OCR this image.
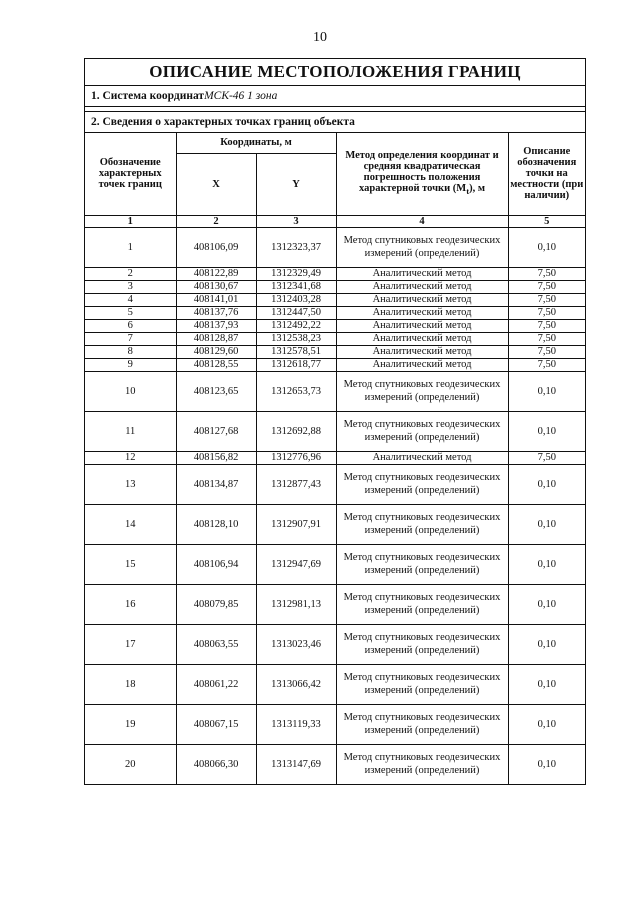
10
ОПИСАНИЕ МЕСТОПОЛОЖЕНИЯ ГРАНИЦ
1. Система координатМСК-46 1 зона
2. Сведения о характерных точках границ объекта
Обозначение характерных точек границ	Координаты, м		Метод определения координат и средняя квадратическая погрешность положения характерной точки $(M_t)$, м	Описание обозначения точки на местности (при наличии)
	X	Y		
1	2	3	4	5
1	408106,09	1312323,37	Метод спутниковых геодезических измерений (определений)	0,10
2	408122,89	1312329,49	Аналитический метод	7,50
3	408130,67	1312341,68	Аналитический метод	7,50
4	408141,01	1312403,28	Аналитический метод	7,50
5	408137,76	1312447,50	Аналитический метод	7,50
6	408137,93	1312492,22	Аналитический метод	7,50
7	408128,87	1312538,23	Аналитический метод	7,50
8	408129,60	1312578,51	Аналитический метод	7,50
9	408128,55	1312618,77	Аналитический метод	7,50
10	408123,65	1312653,73	Метод спутниковых геодезических измерений (определений)	0,10
11	408127,68	1312692,88	Метод спутниковых геодезических измерений (определений)	0,10
12	408156,82	1312776,96	Аналитический метод	7,50
13	408134,87	1312877,43	Метод спутниковых геодезических измерений (определений)	0,10
14	408128,10	1312907,91	Метод спутниковых геодезических измерений (определений)	0,10
15	408106,94	1312947,69	Метод спутниковых геодезических измерений (определений)	0,10
16	408079,85	1312981,13	Метод спутниковых геодезических измерений (определений)	0,10
17	408063,55	1313023,46	Метод спутниковых геодезических измерений (определений)	0,10
18	408061,22	1313066,42	Метод спутниковых геодезических измерений (определений)	0,10
19	408067,15	1313119,33	Метод спутниковых геодезических измерений (определений)	0,10
20	408066,30	1313147,69	Метод спутниковых геодезических измерений (определений)	0,10
